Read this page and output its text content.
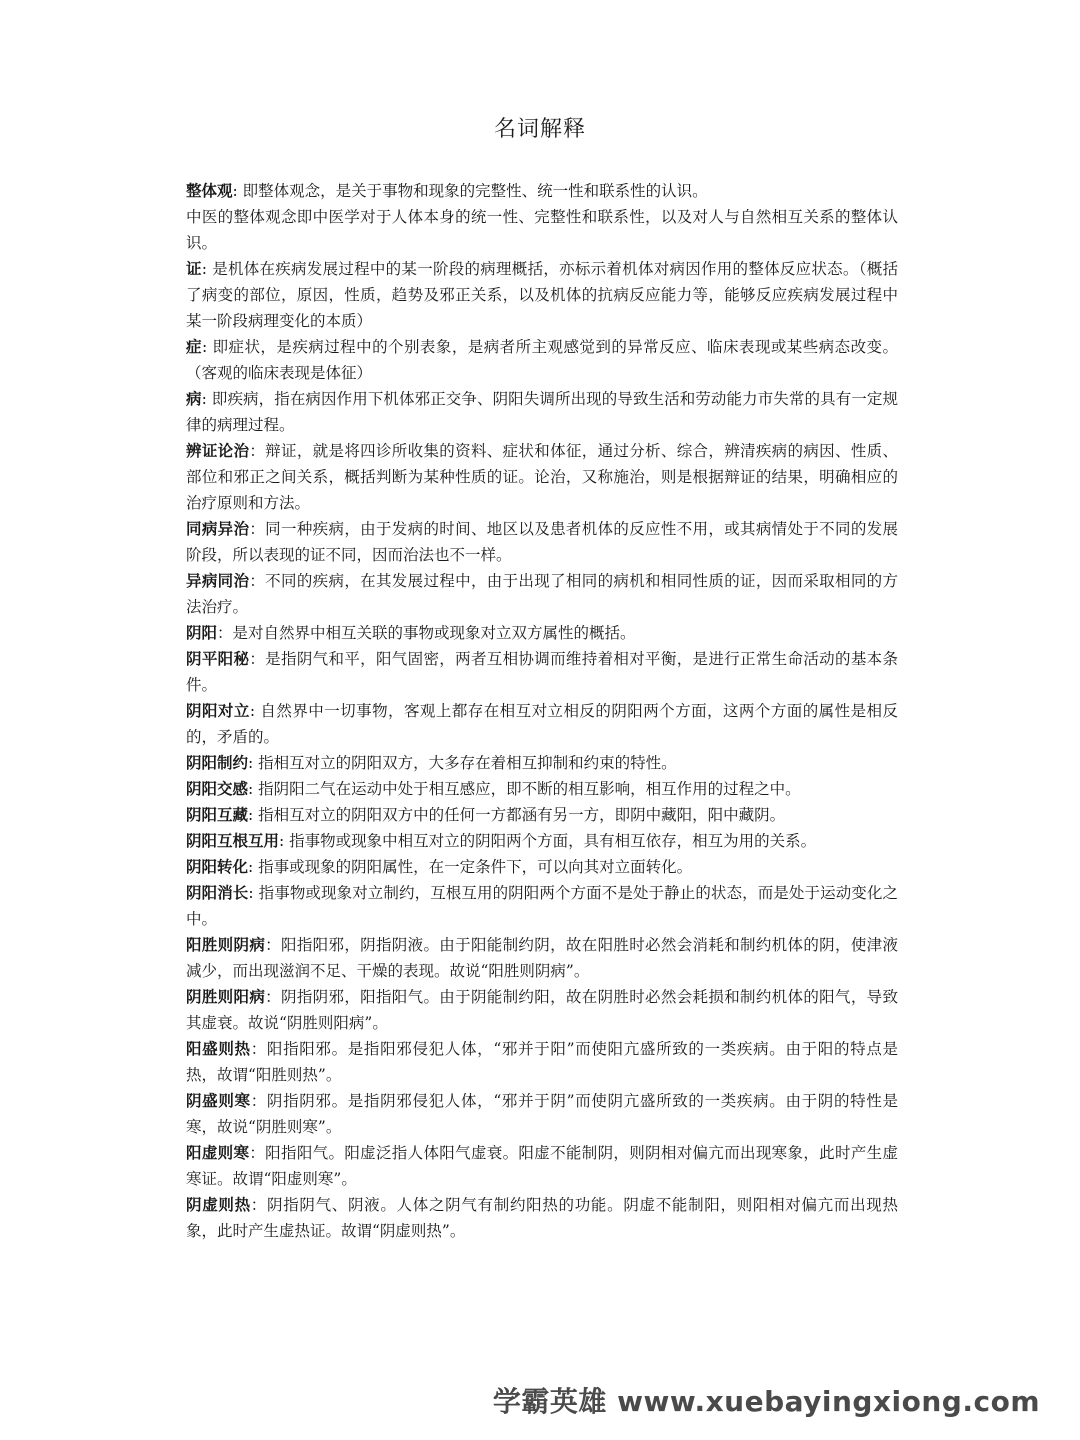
名词解释

整体观: 即整体观念，是关于事物和现象的完整性、统一性和联系性的认识。

中医的整体观念即中医学对于人体本身的统一性、完整性和联系性，以及对人与自然相互关系的整体认识。

证: 是机体在疾病发展过程中的某一阶段的病理概括，亦标示着机体对病因作用的整体反应状态。（概括了病变的部位，原因，性质，趋势及邪正关系，以及机体的抗病反应能力等，能够反应疾病发展过程中某一阶段病理变化的本质）

症: 即症状，是疾病过程中的个别表象，是病者所主观感觉到的异常反应、临床表现或某些病态改变。（客观的临床表现是体征）

病: 即疾病，指在病因作用下机体邪正交争、阴阳失调所出现的导致生活和劳动能力市失常的具有一定规律的病理过程。

辨证论治：辩证，就是将四诊所收集的资料、症状和体征，通过分析、综合，辨清疾病的病因、性质、部位和邪正之间关系，概括判断为某种性质的证。论治，又称施治，则是根据辩证的结果，明确相应的治疗原则和方法。

同病异治：同一种疾病，由于发病的时间、地区以及患者机体的反应性不用，或其病情处于不同的发展阶段，所以表现的证不同，因而治法也不一样。

异病同治：不同的疾病，在其发展过程中，由于出现了相同的病机和相同性质的证，因而采取相同的方法治疗。

阴阳：是对自然界中相互关联的事物或现象对立双方属性的概括。

阴平阳秘：是指阴气和平，阳气固密，两者互相协调而维持着相对平衡，是进行正常生命活动的基本条件。

阴阳对立: 自然界中一切事物，客观上都存在相互对立相反的阴阳两个方面，这两个方面的属性是相反的，矛盾的。

阴阳制约: 指相互对立的阴阳双方，大多存在着相互抑制和约束的特性。

阴阳交感: 指阴阳二气在运动中处于相互感应，即不断的相互影响，相互作用的过程之中。

阴阳互藏: 指相互对立的阴阳双方中的任何一方都涵有另一方，即阴中藏阳，阳中藏阴。

阴阳互根互用: 指事物或现象中相互对立的阴阳两个方面，具有相互依存，相互为用的关系。

阴阳转化: 指事或现象的阴阳属性，在一定条件下，可以向其对立面转化。

阴阳消长: 指事物或现象对立制约，互根互用的阴阳两个方面不是处于静止的状态，而是处于运动变化之中。

阳胜则阴病：阳指阳邪，阴指阴液。由于阳能制约阴，故在阳胜时必然会消耗和制约机体的阴，使津液减少，而出现滋润不足、干燥的表现。故说“阳胜则阴病”。

阴胜则阳病：阴指阴邪，阳指阳气。由于阴能制约阳，故在阴胜时必然会耗损和制约机体的阳气，导致其虚衰。故说“阴胜则阳病”。

阳盛则热：阳指阳邪。是指阳邪侵犯人体，“邪并于阳”而使阳亢盛所致的一类疾病。由于阳的特点是热，故谓“阳胜则热”。

阴盛则寒：阴指阴邪。是指阴邪侵犯人体，“邪并于阴”而使阴亢盛所致的一类疾病。由于阴的特性是寒，故说“阴胜则寒”。

阳虚则寒：阳指阳气。阳虚泛指人体阳气虚衰。阳虚不能制阴，则阴相对偏亢而出现寒象，此时产生虚寒证。故谓“阳虚则寒”。

阴虚则热：阴指阴气、阴液。人体之阴气有制约阳热的功能。阴虚不能制阳，则阳相对偏亢而出现热象，此时产生虚热证。故谓“阴虚则热”。

学霸英雄 www.xuebayingxiong.com
